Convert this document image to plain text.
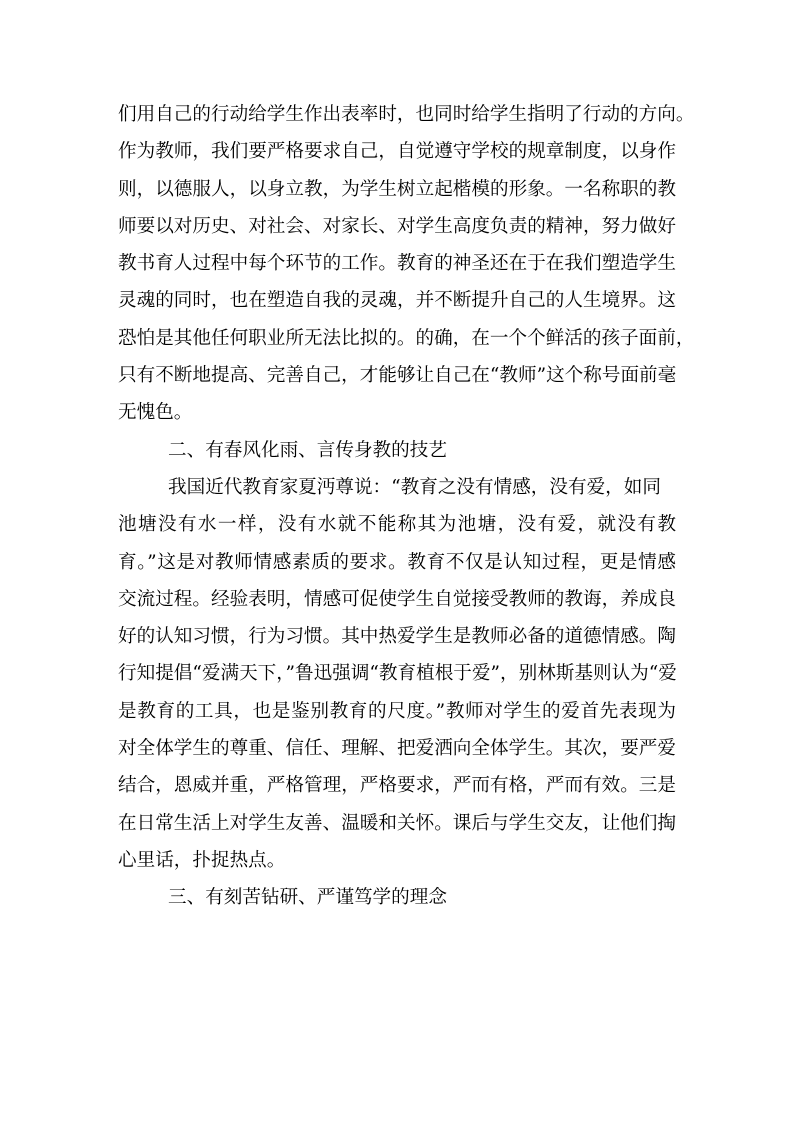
们用自己的行动给学生作出表率时，也同时给学生指明了行动的方向。
作为教师，我们要严格要求自己，自觉遵守学校的规章制度，以身作
则，以德服人，以身立教，为学生树立起楷模的形象。一名称职的教
师要以对历史、对社会、对家长、对学生高度负责的精神，努力做好
教书育人过程中每个环节的工作。教育的神圣还在于在我们塑造学生
灵魂的同时，也在塑造自我的灵魂，并不断提升自己的人生境界。这
恐怕是其他任何职业所无法比拟的。的确，在一个个鲜活的孩子面前，
只有不断地提高、完善自己，才能够让自己在“教师”这个称号面前毫
无愧色。
二、有春风化雨、言传身教的技艺
我国近代教育家夏沔尊说：“教育之没有情感，没有爱，如同
池塘没有水一样，没有水就不能称其为池塘，没有爱，就没有教
育。”这是对教师情感素质的要求。教育不仅是认知过程，更是情感
交流过程。经验表明，情感可促使学生自觉接受教师的教诲，养成良
好的认知习惯，行为习惯。其中热爱学生是教师必备的道德情感。陶
行知提倡“爱满天下，”鲁迅强调“教育植根于爱”，别林斯基则认为“爱
是教育的工具，也是鉴别教育的尺度。”教师对学生的爱首先表现为
对全体学生的尊重、信任、理解、把爱洒向全体学生。其次，要严爱
结合，恩威并重，严格管理，严格要求，严而有格，严而有效。三是
在日常生活上对学生友善、温暖和关怀。课后与学生交友，让他们掏
心里话，扑捉热点。
三、有刻苦钻研、严谨笃学的理念
